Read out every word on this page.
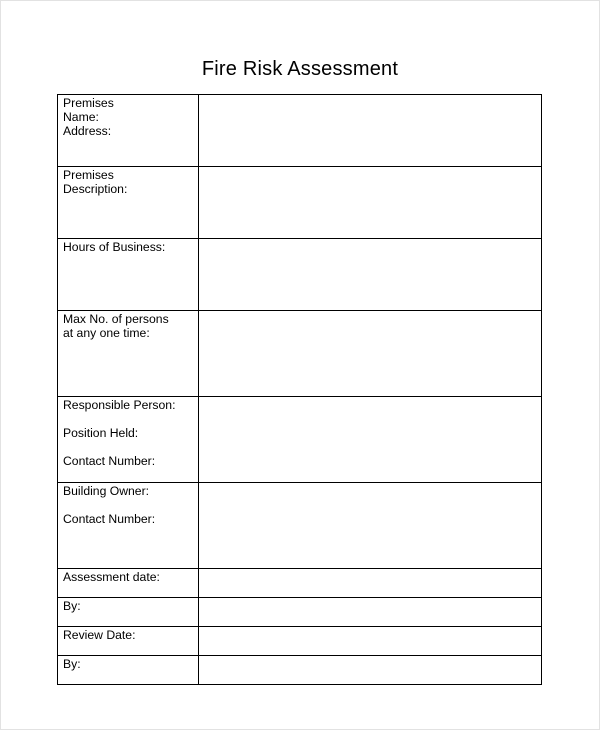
Fire Risk Assessment
Premises
Name:
Address:	

Premises
Description:	

Hours of Business:	

Max No. of persons
at any one time:	

Responsible Person:
Position Held:
Contact Number:	

Building Owner:
Contact Number:	

Assessment date:	

By:	

Review Date:	

By:	
